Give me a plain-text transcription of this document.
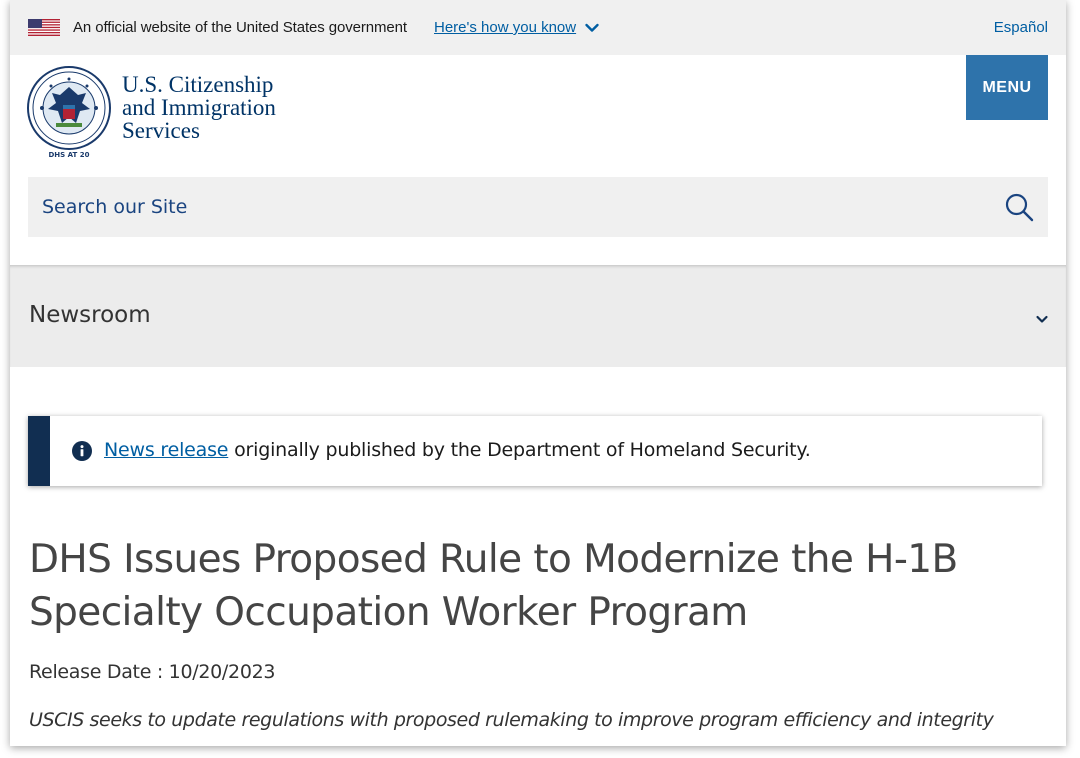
An official website of the United States government Here's how you know	Español
DHS AT 20
U.S. Citizenship
and Immigration
Services
MENU
Search our Site
Newsroom
News release originally published by the Department of Homeland Security.
DHS Issues Proposed Rule to Modernize the H-1B Specialty Occupation Worker Program
Release Date : 10/20/2023
USCIS seeks to update regulations with proposed rulemaking to improve program efficiency and integrity
